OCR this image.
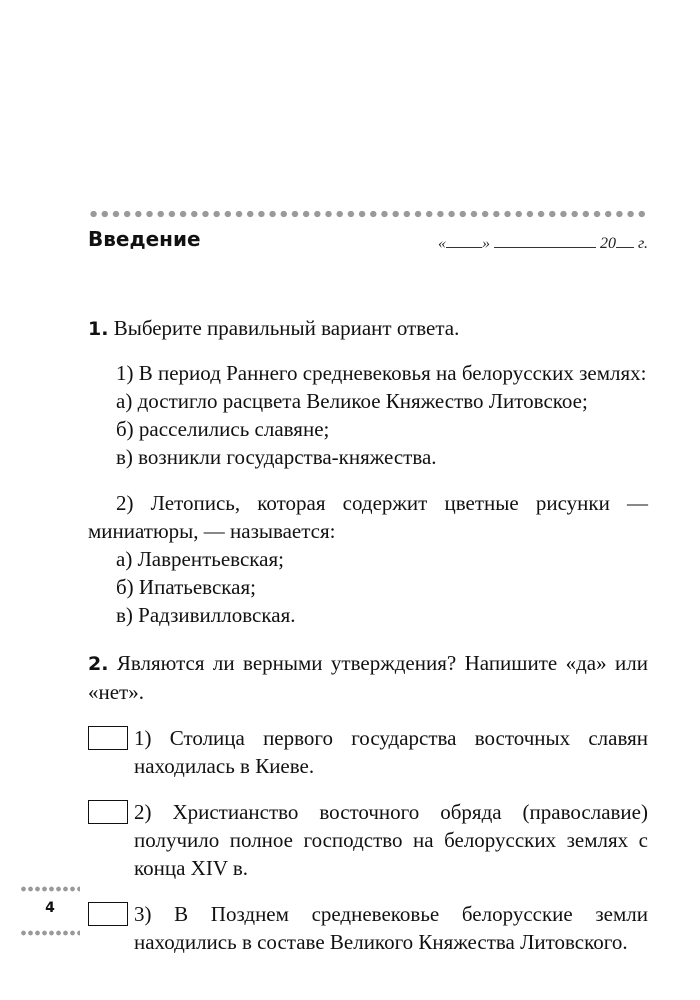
Введение	« »	20 г.

1. Выберите правильный вариант ответа.

1) В период Раннего средневековья на белорусских землях:

а) достигло расцвета Великое Княжество Литовское;

б) расселились славяне;

в) возникли государства-княжества.

2) Летопись, которая содержит цветные рисунки — миниатюры, — называется:

а) Лаврентьевская;

б) Ипатьевская;

в) Радзивилловская.

2. Являются ли верными утверждения? Напишите «да» или «нет».

1) Столица первого государства восточных славян находилась в Киеве.
2) Христианство восточного обряда (православие) получило полное господство на белорусских землях с конца XIV в.
3) В Позднем средневековье белорусские земли находились в составе Великого Княжества Литовского.
4
